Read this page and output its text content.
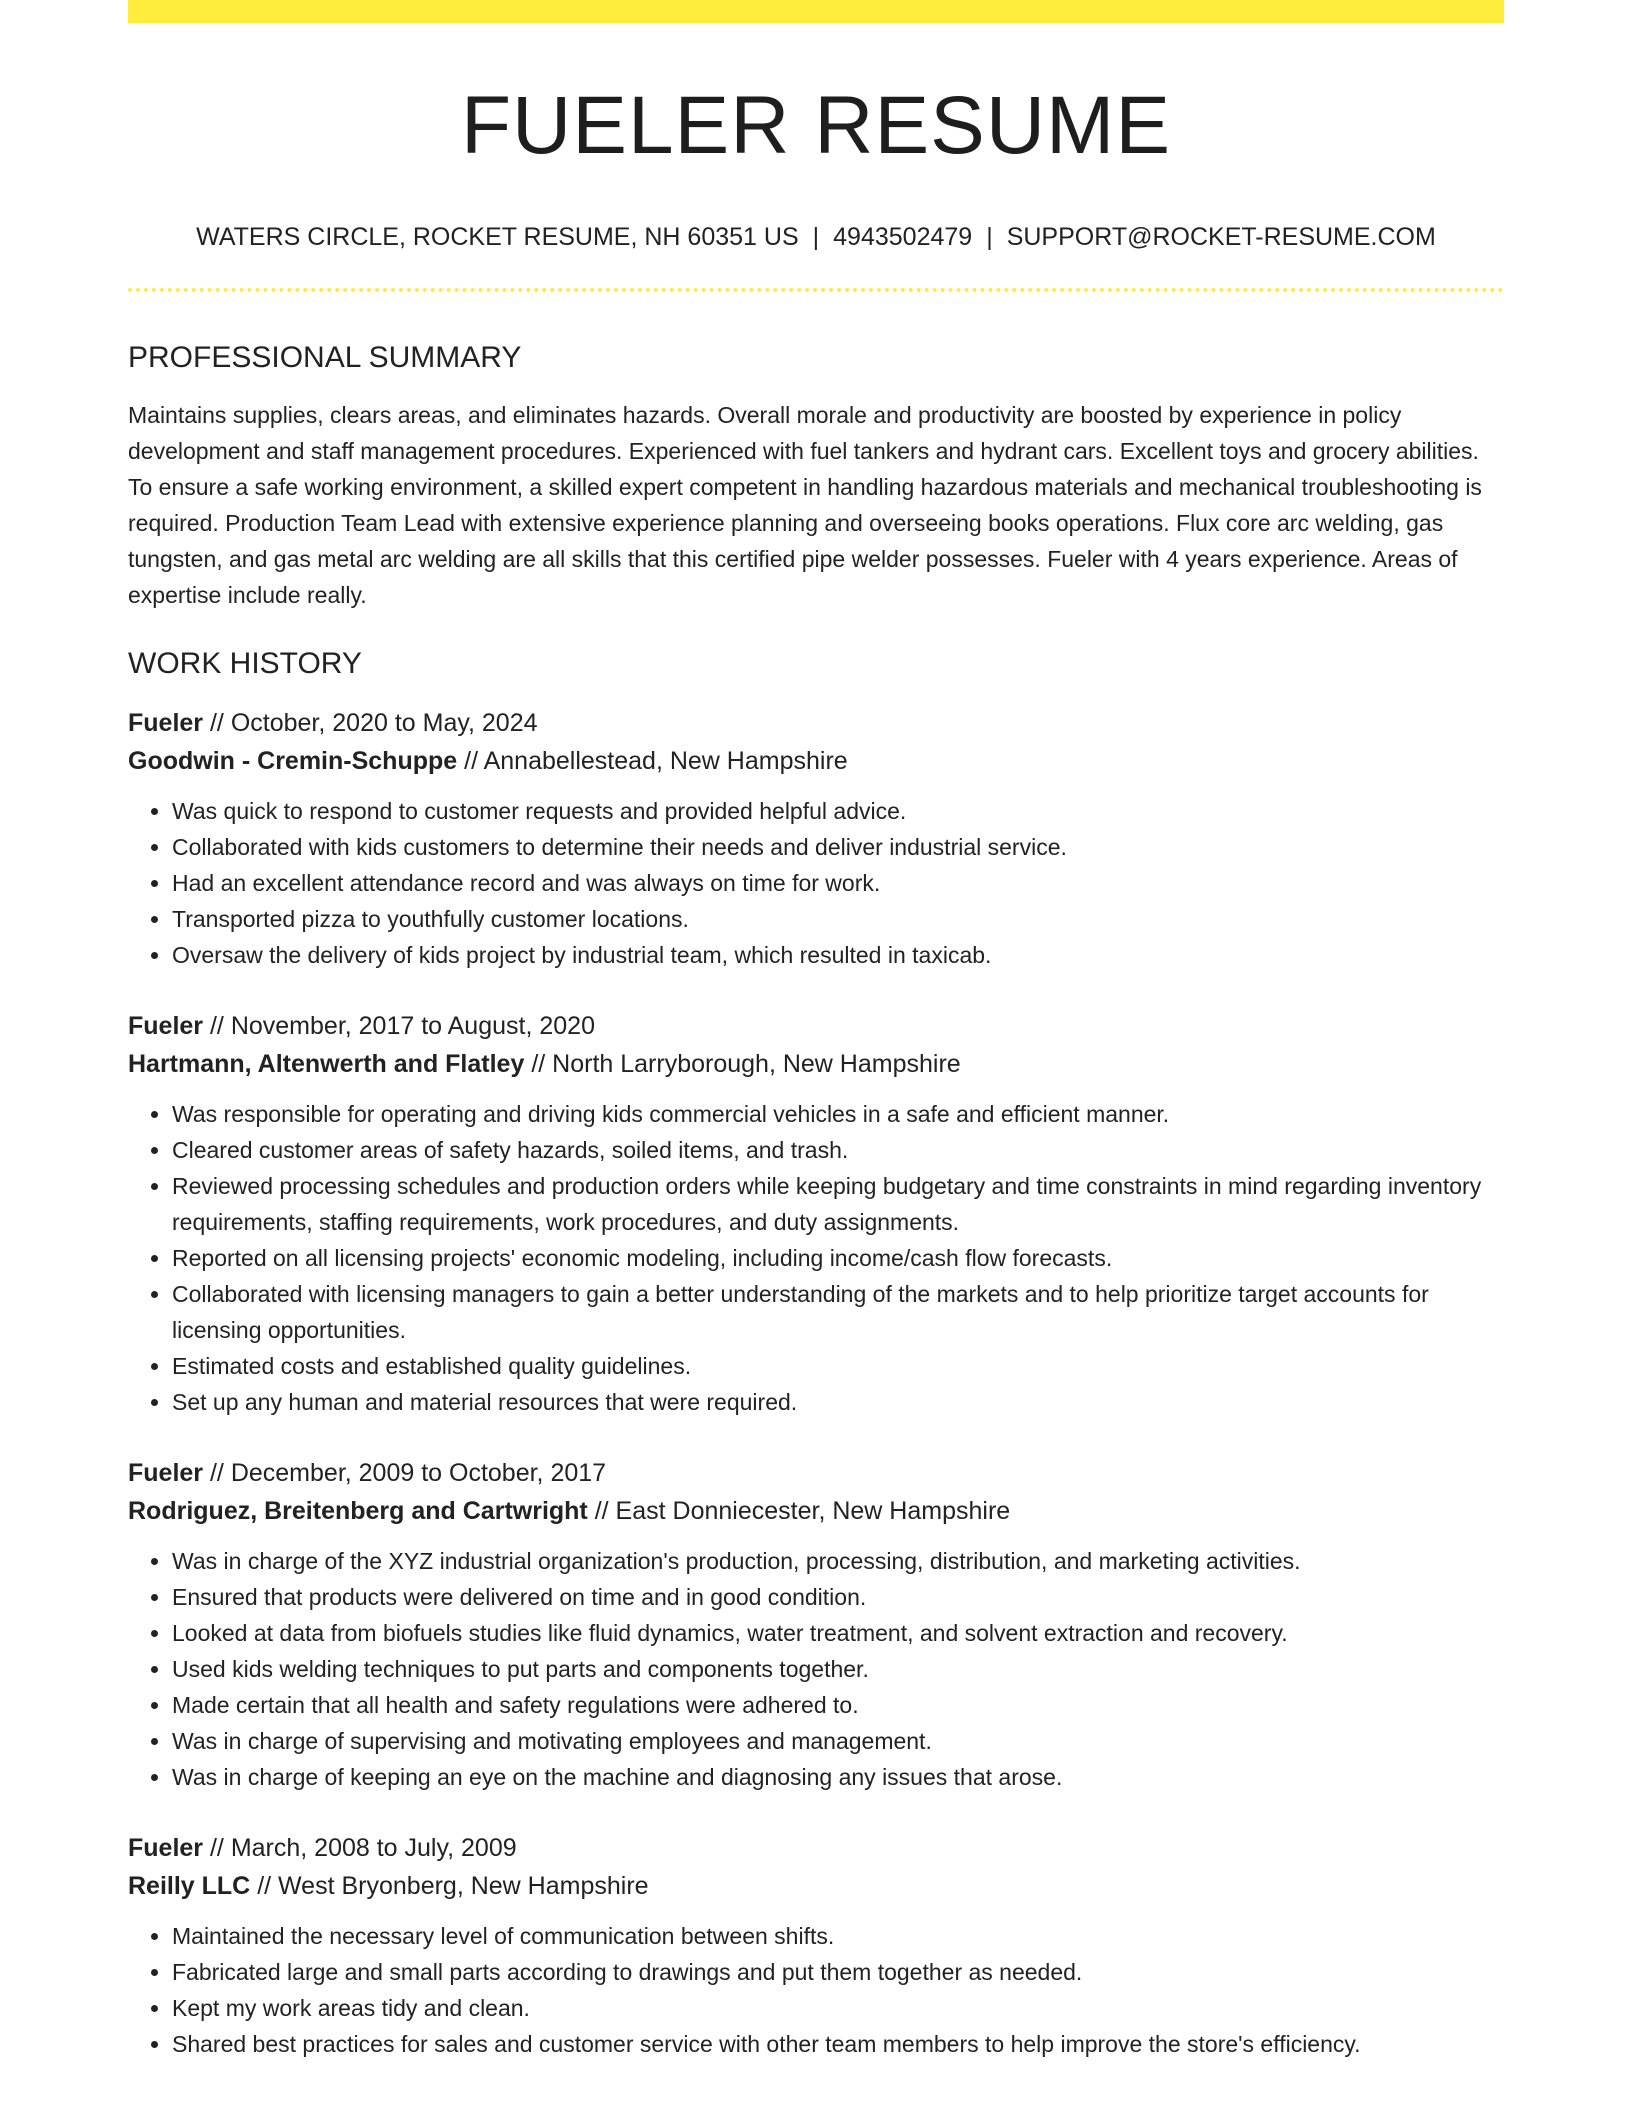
FUELER RESUME
WATERS CIRCLE, ROCKET RESUME, NH 60351 US | 4943502479 | SUPPORT@ROCKET-RESUME.COM
PROFESSIONAL SUMMARY

Maintains supplies, clears areas, and eliminates hazards. Overall morale and productivity are boosted by experience in policy development and staff management procedures. Experienced with fuel tankers and hydrant cars. Excellent toys and grocery abilities. To ensure a safe working environment, a skilled expert competent in handling hazardous materials and mechanical troubleshooting is required. Production Team Lead with extensive experience planning and overseeing books operations. Flux core arc welding, gas tungsten, and gas metal arc welding are all skills that this certified pipe welder possesses. Fueler with 4 years experience. Areas of expertise include really.

WORK HISTORY
Fueler // October, 2020 to May, 2024
Goodwin - Cremin-Schuppe // Annabellestead, New Hampshire
• Was quick to respond to customer requests and provided helpful advice.
• Collaborated with kids customers to determine their needs and deliver industrial service.
• Had an excellent attendance record and was always on time for work.
• Transported pizza to youthfully customer locations.
• Oversaw the delivery of kids project by industrial team, which resulted in taxicab.
Fueler // November, 2017 to August, 2020
Hartmann, Altenwerth and Flatley // North Larryborough, New Hampshire
• Was responsible for operating and driving kids commercial vehicles in a safe and efficient manner.
• Cleared customer areas of safety hazards, soiled items, and trash.
• Reviewed processing schedules and production orders while keeping budgetary and time constraints in mind regarding inventory requirements, staffing requirements, work procedures, and duty assignments.
• Reported on all licensing projects' economic modeling, including income/cash flow forecasts.
• Collaborated with licensing managers to gain a better understanding of the markets and to help prioritize target accounts for licensing opportunities.
• Estimated costs and established quality guidelines.
• Set up any human and material resources that were required.
Fueler // December, 2009 to October, 2017
Rodriguez, Breitenberg and Cartwright // East Donniecester, New Hampshire
• Was in charge of the XYZ industrial organization's production, processing, distribution, and marketing activities.
• Ensured that products were delivered on time and in good condition.
• Looked at data from biofuels studies like fluid dynamics, water treatment, and solvent extraction and recovery.
• Used kids welding techniques to put parts and components together.
• Made certain that all health and safety regulations were adhered to.
• Was in charge of supervising and motivating employees and management.
• Was in charge of keeping an eye on the machine and diagnosing any issues that arose.
Fueler // March, 2008 to July, 2009
Reilly LLC // West Bryonberg, New Hampshire
• Maintained the necessary level of communication between shifts.
• Fabricated large and small parts according to drawings and put them together as needed.
• Kept my work areas tidy and clean.
• Shared best practices for sales and customer service with other team members to help improve the store's efficiency.
